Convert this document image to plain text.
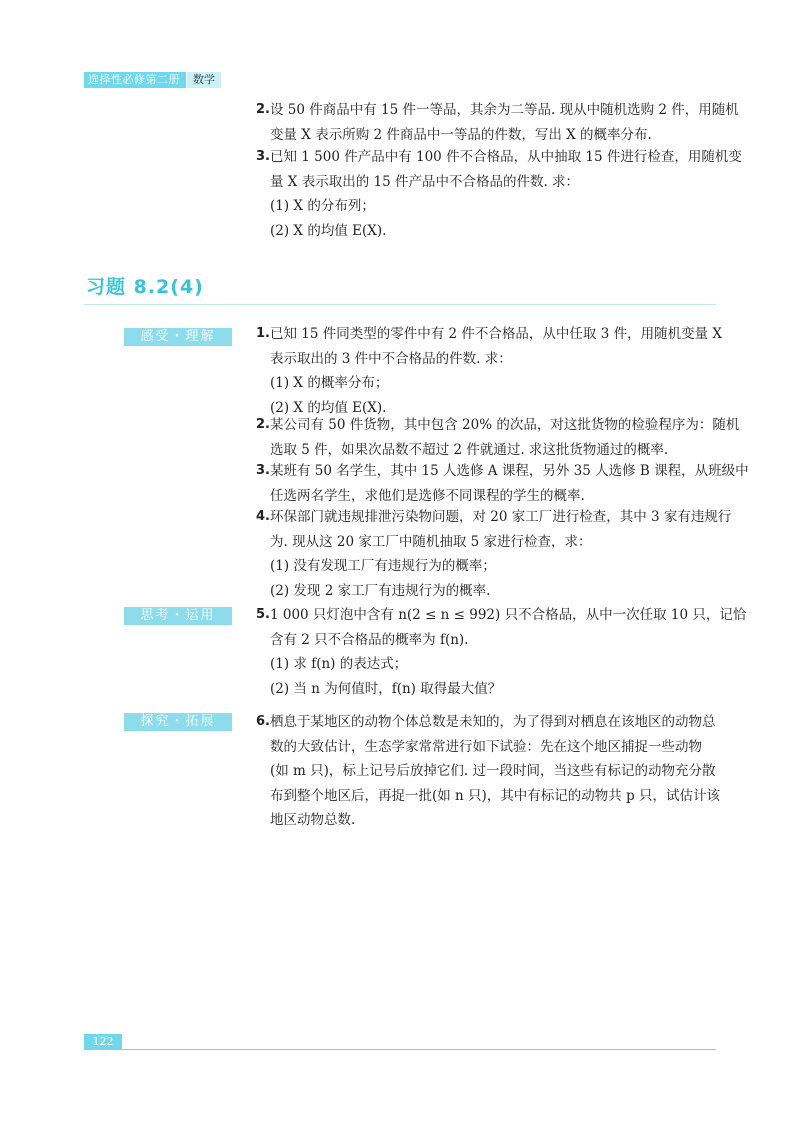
选择性必修第二册	数学
2. 设 50 件商品中有 15 件一等品，其余为二等品. 现从中随机选购 2 件，用随机
变量 X 表示所购 2 件商品中一等品的件数，写出 X 的概率分布.
3. 已知 1 500 件产品中有 100 件不合格品，从中抽取 15 件进行检查，用随机变
量 X 表示取出的 15 件产品中不合格品的件数. 求：
(1) X 的分布列；
(2) X 的均值 E(X).
习题 8.2(4)
感受・理解
思考・运用
探究・拓展
1. 已知 15 件同类型的零件中有 2 件不合格品，从中任取 3 件，用随机变量 X
表示取出的 3 件中不合格品的件数. 求：
(1) X 的概率分布；
(2) X 的均值 E(X).
2. 某公司有 50 件货物，其中包含 20% 的次品，对这批货物的检验程序为：随机
选取 5 件，如果次品数不超过 2 件就通过. 求这批货物通过的概率.
3. 某班有 50 名学生，其中 15 人选修 A 课程，另外 35 人选修 B 课程，从班级中
任选两名学生，求他们是选修不同课程的学生的概率.
4. 环保部门就违规排泄污染物问题，对 20 家工厂进行检查，其中 3 家有违规行
为. 现从这 20 家工厂中随机抽取 5 家进行检查，求：
(1) 没有发现工厂有违规行为的概率；
(2) 发现 2 家工厂有违规行为的概率.
5. 1 000 只灯泡中含有 n(2 ≤ n ≤ 992) 只不合格品，从中一次任取 10 只，记恰
含有 2 只不合格品的概率为 f(n).
(1) 求 f(n) 的表达式；
(2) 当 n 为何值时，f(n) 取得最大值？
6. 栖息于某地区的动物个体总数是未知的，为了得到对栖息在该地区的动物总
数的大致估计，生态学家常常进行如下试验：先在这个地区捕捉一些动物
(如 m 只)，标上记号后放掉它们. 过一段时间，当这些有标记的动物充分散
布到整个地区后，再捉一批(如 n 只)，其中有标记的动物共 p 只，试估计该
地区动物总数.
122
